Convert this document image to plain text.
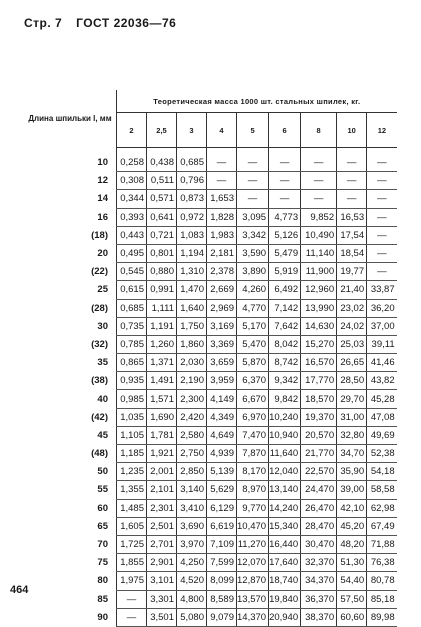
Стр. 7 ГОСТ 22036—76
Длина шпильки l, мм	Теоретическая масса 1000 шт. стальных шпилек, кг.								
	2	2,5	3	4	5	6	8	10	12

10	0,258	0,438	0,685	—	—	—	—	—	—
12	0,308	0,511	0,796	—	—	—	—	—	—
14	0,344	0,571	0,873	1,653	—	—	—	—	—
16	0,393	0,641	0,972	1,828	3,095	4,773	9,852	16,53	—
(18)	0,443	0,721	1,083	1,983	3,342	5,126	10,490	17,54	—
20	0,495	0,801	1,194	2,181	3,590	5,479	11,140	18,54	—
(22)	0,545	0,880	1,310	2,378	3,890	5,919	11,900	19,77	—
25	0,615	0,991	1,470	2,669	4,260	6,492	12,960	21,40	33,87
(28)	0,685	1,111	1,640	2,969	4,770	7,142	13,990	23,02	36,20
30	0,735	1,191	1,750	3,169	5,170	7,642	14,630	24,02	37,00
(32)	0,785	1,260	1,860	3,369	5,470	8,042	15,270	25,03	39,11
35	0,865	1,371	2,030	3,659	5,870	8,742	16,570	26,65	41,46
(38)	0,935	1,491	2,190	3,959	6,370	9,342	17,770	28,50	43,82
40	0,985	1,571	2,300	4,149	6,670	9,842	18,570	29,70	45,28
(42)	1,035	1,690	2,420	4,349	6,970	10,240	19,370	31,00	47,08
45	1,105	1,781	2,580	4,649	7,470	10,940	20,570	32,80	49,69
(48)	1,185	1,921	2,750	4,939	7,870	11,640	21,770	34,70	52,38
50	1,235	2,001	2,850	5,139	8,170	12,040	22,570	35,90	54,18
55	1,355	2,101	3,140	5,629	8,970	13,140	24,470	39,00	58,58
60	1,485	2,301	3,410	6,129	9,770	14,240	26,470	42,10	62,98
65	1,605	2,501	3,690	6,619	10,470	15,340	28,470	45,20	67,49
70	1,725	2,701	3,970	7,109	11,270	16,440	30,470	48,20	71,88
75	1,855	2,901	4,250	7,599	12,070	17,640	32,370	51,30	76,38
80	1,975	3,101	4,520	8,099	12,870	18,740	34,370	54,40	80,78
85	—	3,301	4,800	8,589	13,570	19,840	36,370	57,50	85,18
90	—	3,501	5,080	9,079	14,370	20,940	38,370	60,60	89,98
464
